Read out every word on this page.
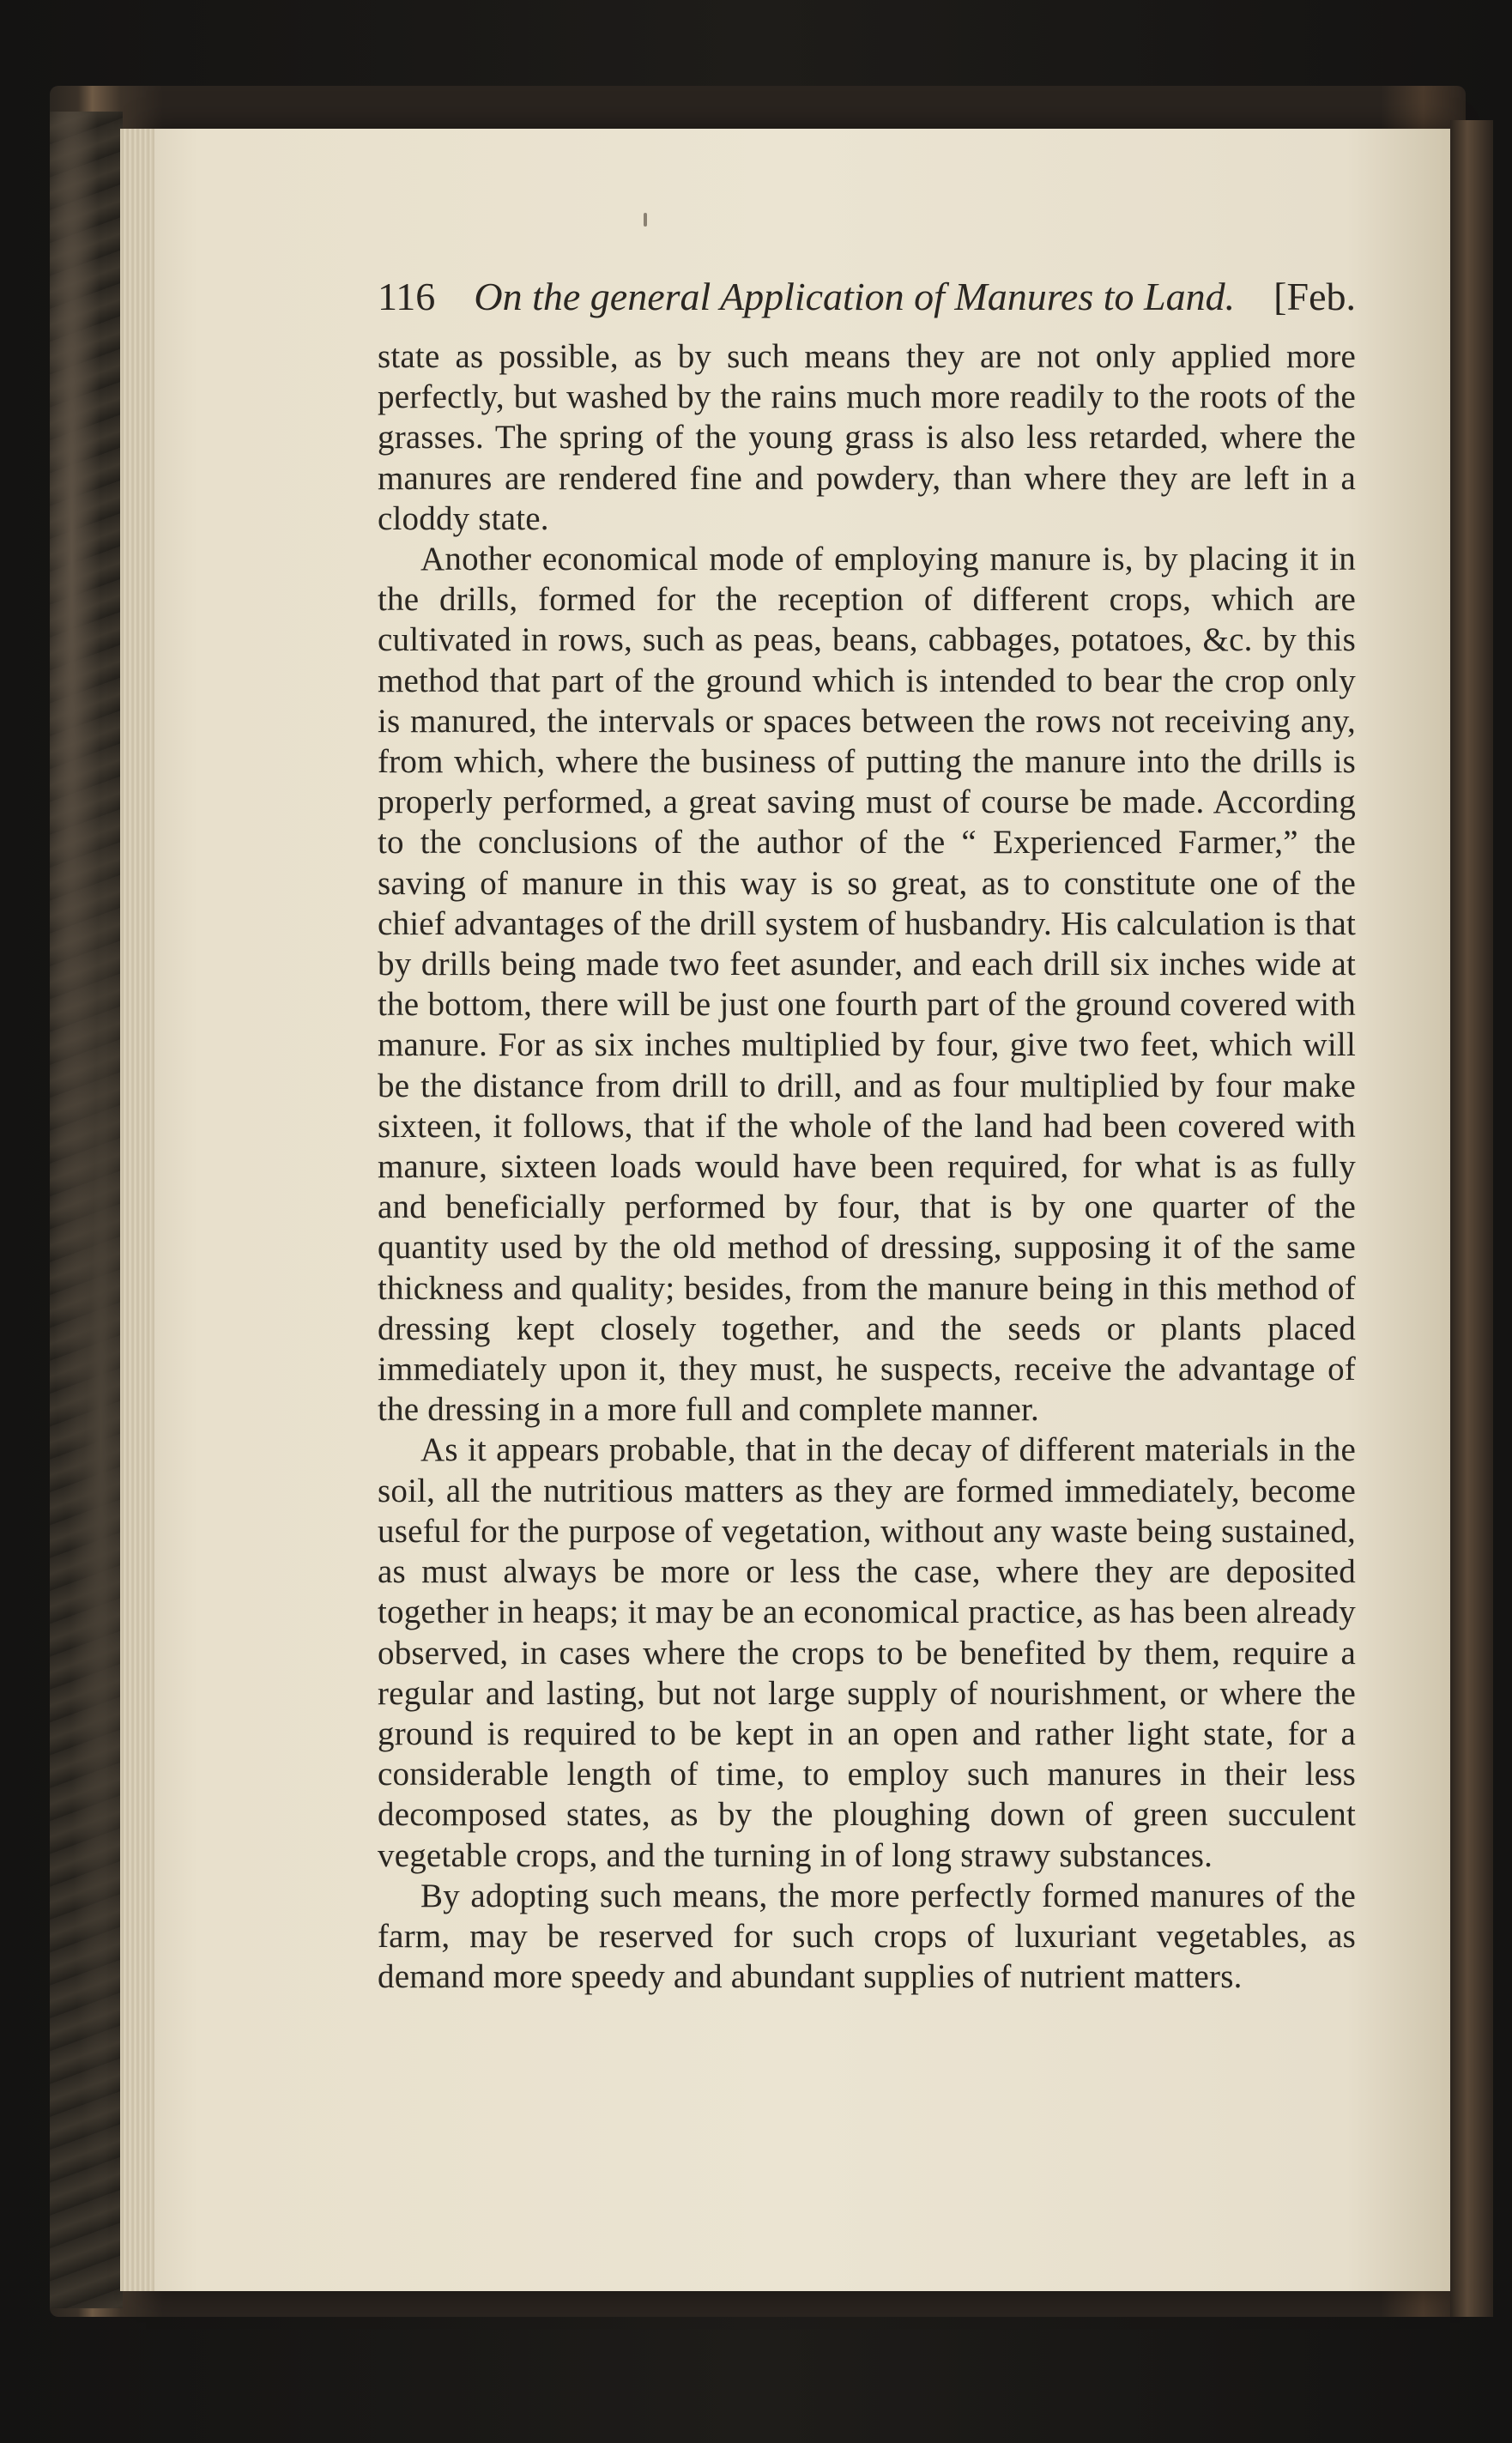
116 On the general Application of Manures to Land. [Feb.

state as possible, as by such means they are not only applied more perfectly, but washed by the rains much more readily to the roots of the grasses. The spring of the young grass is also less retarded, where the manures are rendered fine and powdery, than where they are left in a cloddy state.

Another economical mode of employing manure is, by placing it in the drills, formed for the reception of different crops, which are cultivated in rows, such as peas, beans, cabbages, potatoes, &c. by this method that part of the ground which is intended to bear the crop only is manured, the intervals or spaces between the rows not receiving any, from which, where the business of putting the manure into the drills is properly performed, a great saving must of course be made. According to the conclusions of the author of the “ Experienced Farmer,” the saving of manure in this way is so great, as to constitute one of the chief advantages of the drill system of husbandry. His calculation is that by drills being made two feet asunder, and each drill six inches wide at the bottom, there will be just one fourth part of the ground covered with manure. For as six inches multiplied by four, give two feet, which will be the distance from drill to drill, and as four multiplied by four make sixteen, it follows, that if the whole of the land had been covered with manure, sixteen loads would have been required, for what is as fully and beneficially performed by four, that is by one quarter of the quantity used by the old method of dressing, supposing it of the same thickness and quality; besides, from the manure being in this method of dressing kept closely together, and the seeds or plants placed immediately upon it, they must, he suspects, receive the advantage of the dressing in a more full and complete manner.

As it appears probable, that in the decay of different materials in the soil, all the nutritious matters as they are formed immediately, become useful for the purpose of vegetation, without any waste being sustained, as must always be more or less the case, where they are deposited together in heaps; it may be an economical practice, as has been already observed, in cases where the crops to be benefited by them, require a regular and lasting, but not large supply of nourishment, or where the ground is required to be kept in an open and rather light state, for a considerable length of time, to employ such manures in their less decomposed states, as by the ploughing down of green succulent vegetable crops, and the turning in of long strawy substances.

By adopting such means, the more perfectly formed manures of the farm, may be reserved for such crops of luxuriant vegetables, as demand more speedy and abundant supplies of nutrient matters.
